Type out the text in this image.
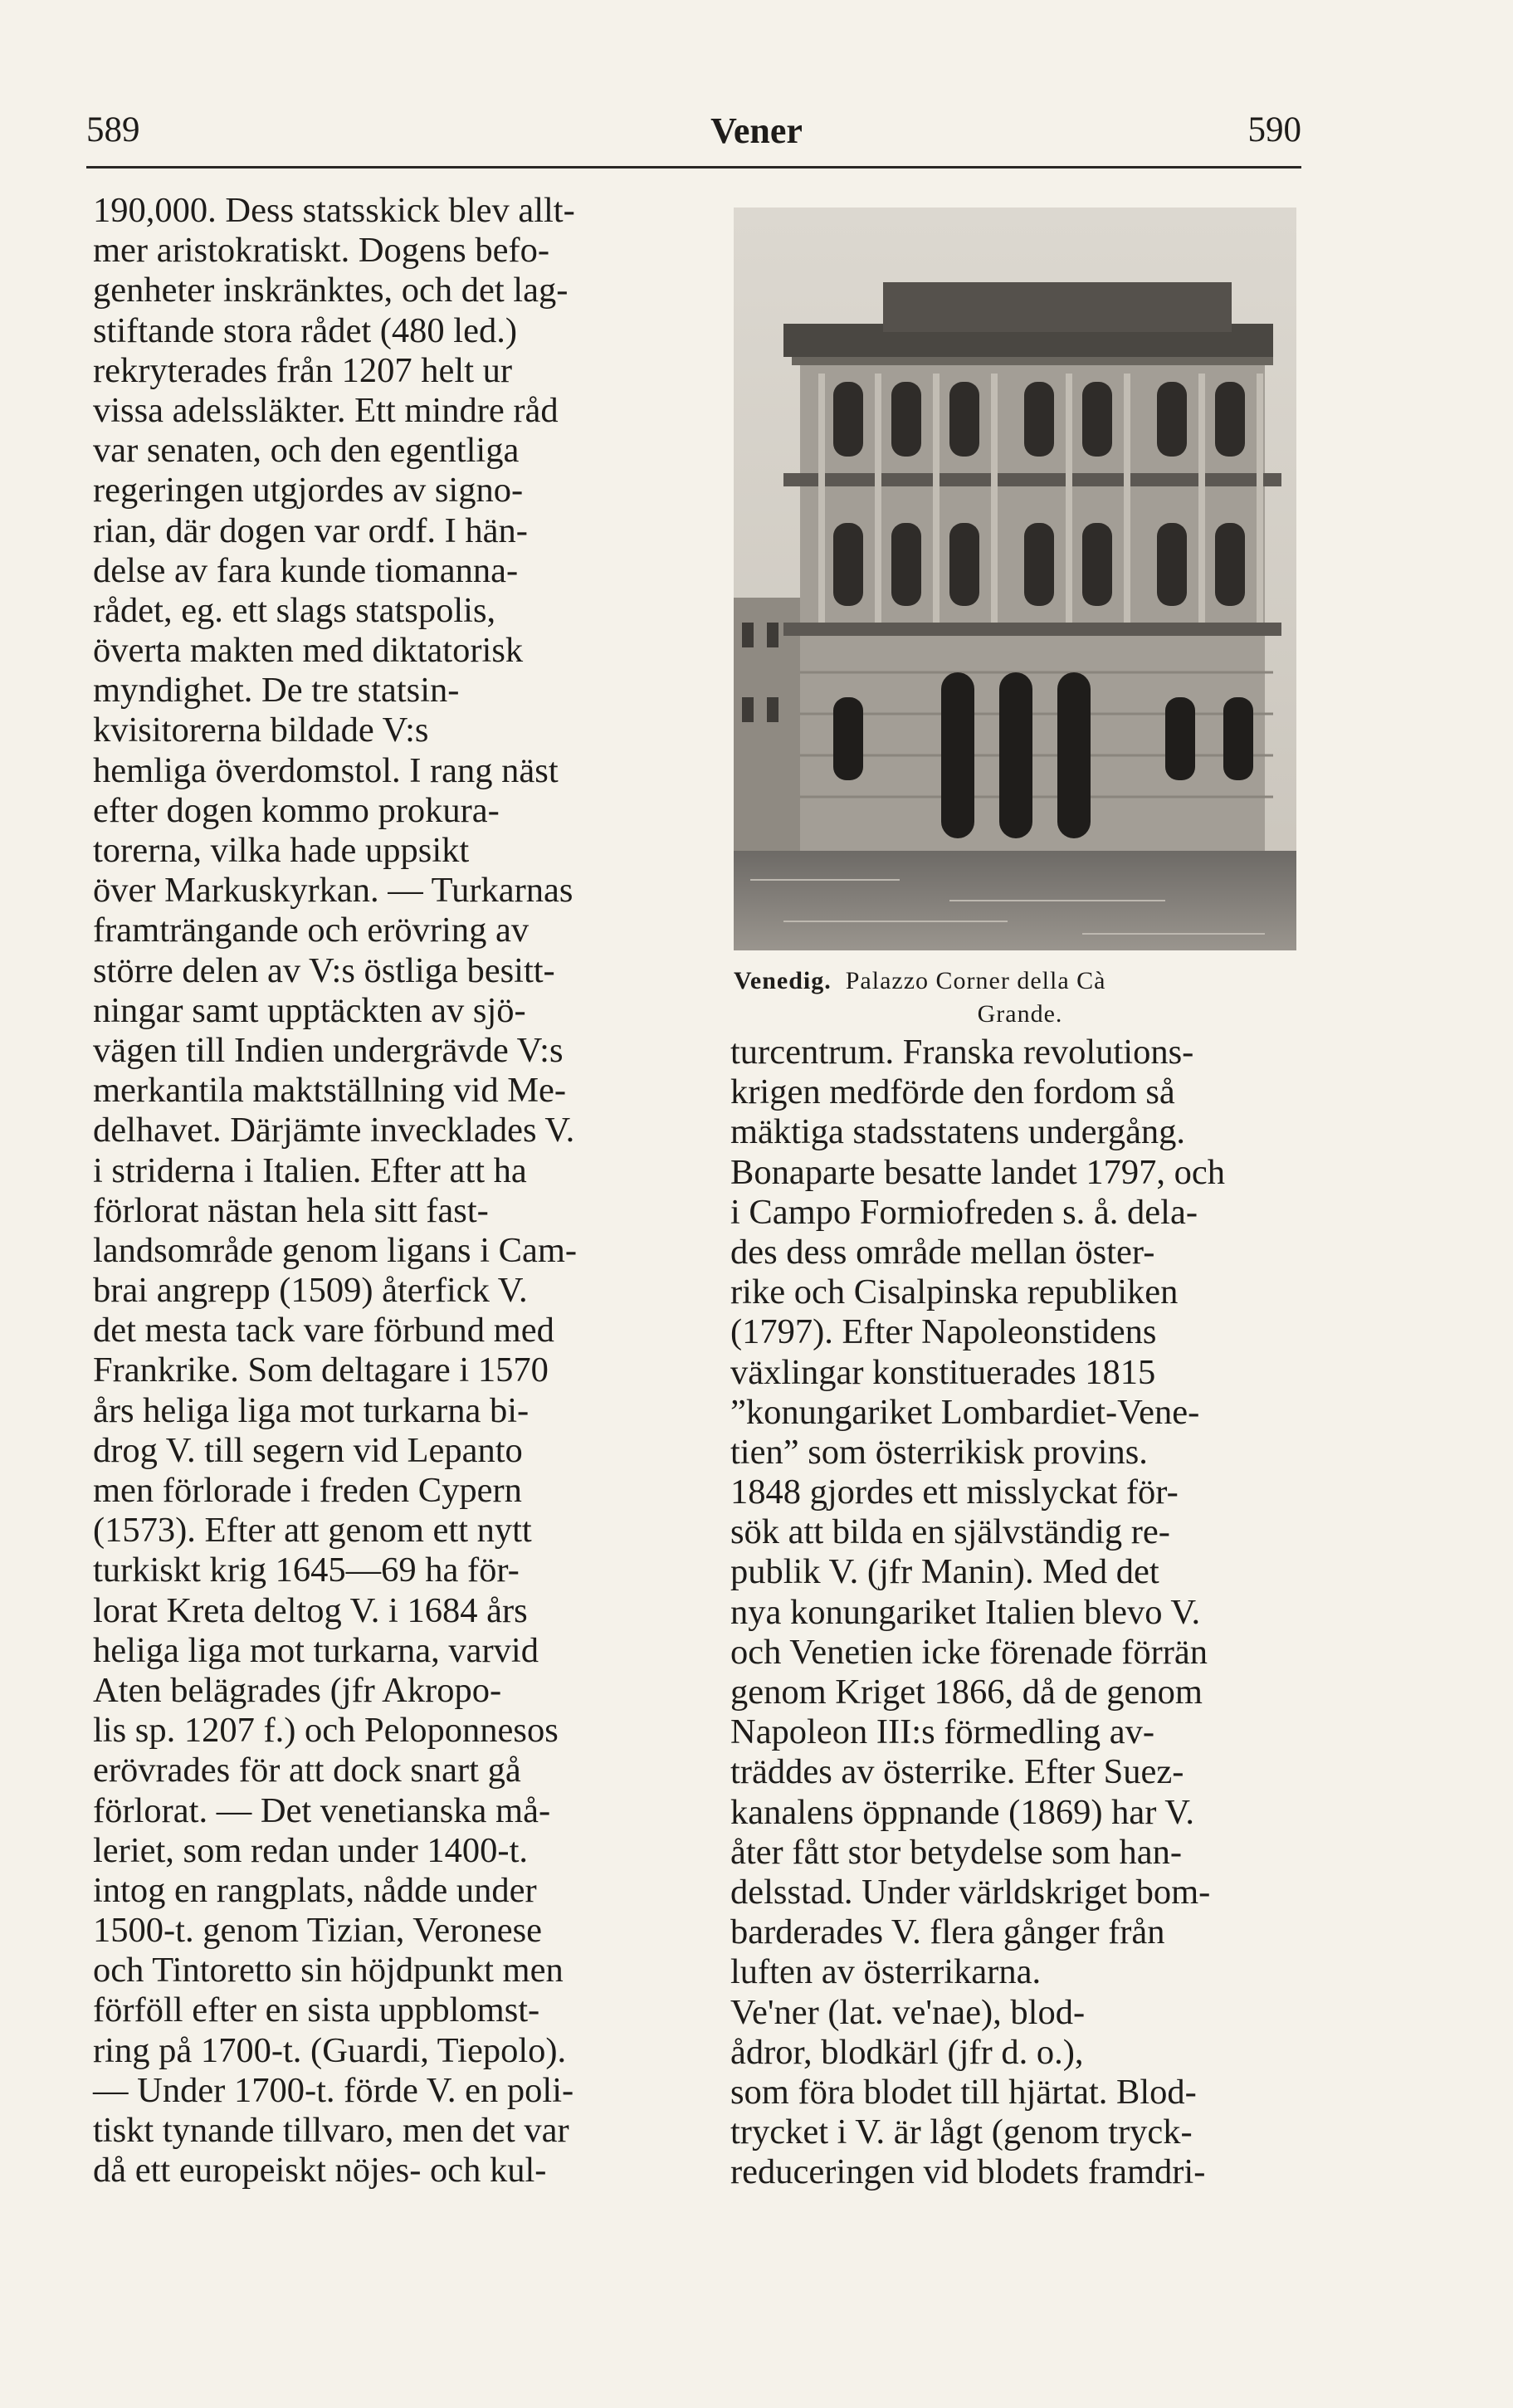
589	Vener	590
190,000. Dess statsskick blev allt-
mer aristokratiskt. Dogens befo-
genheter inskränktes, och det lag-
stiftande stora rådet (480 led.)
rekryterades från 1207 helt ur
vissa adelssläkter. Ett mindre råd
var senaten, och den egentliga
regeringen utgjordes av signo-
rian, där dogen var ordf. I hän-
delse av fara kunde tiomanna-
rådet, eg. ett slags statspolis,
överta makten med diktatorisk
myndighet. De tre statsin-
kvisitorerna bildade V:s
hemliga överdomstol. I rang näst
efter dogen kommo prokura-
torerna, vilka hade uppsikt
över Markuskyrkan. — Turkarnas
framträngande och erövring av
större delen av V:s östliga besitt-
ningar samt upptäckten av sjö-
vägen till Indien undergrävde V:s
merkantila maktställning vid Me-
delhavet. Därjämte invecklades V.
i striderna i Italien. Efter att ha
förlorat nästan hela sitt fast-
landsområde genom ligans i Cam-
brai angrepp (1509) återfick V.
det mesta tack vare förbund med
Frankrike. Som deltagare i 1570
års heliga liga mot turkarna bi-
drog V. till segern vid Lepanto
men förlorade i freden Cypern
(1573). Efter att genom ett nytt
turkiskt krig 1645—69 ha för-
lorat Kreta deltog V. i 1684 års
heliga liga mot turkarna, varvid
Aten belägrades (jfr Akropo-
lis sp. 1207 f.) och Peloponnesos
erövrades för att dock snart gå
förlorat. — Det venetianska må-
leriet, som redan under 1400-t.
intog en rangplats, nådde under
1500-t. genom Tizian, Veronese
och Tintoretto sin höjdpunkt men
förföll efter en sista uppblomst-
ring på 1700-t. (Guardi, Tiepolo).
— Under 1700-t. förde V. en poli-
tiskt tynande tillvaro, men det var
då ett europeiskt nöjes- och kul-
Venedig. Palazzo Corner della Cà
Grande.
turcentrum. Franska revolutions-
krigen medförde den fordom så
mäktiga stadsstatens undergång.
Bonaparte besatte landet 1797, och
i Campo Formiofreden s. å. dela-
des dess område mellan öster-
rike och Cisalpinska republiken
(1797). Efter Napoleonstidens
växlingar konstituerades 1815
”konungariket Lombardiet-Vene-
tien” som österrikisk provins.
1848 gjordes ett misslyckat för-
sök att bilda en självständig re-
publik V. (jfr Manin). Med det
nya konungariket Italien blevo V.
och Venetien icke förenade förrän
genom Kriget 1866, då de genom
Napoleon III:s förmedling av-
träddes av österrike. Efter Suez-
kanalens öppnande (1869) har V.
åter fått stor betydelse som han-
delsstad. Under världskriget bom-
barderades V. flera gånger från
luften av österrikarna.
Ve'ner (lat. ve'nae), blod-
ådror, blodkärl (jfr d. o.),
som föra blodet till hjärtat. Blod-
trycket i V. är lågt (genom tryck-
reduceringen vid blodets framdri-
